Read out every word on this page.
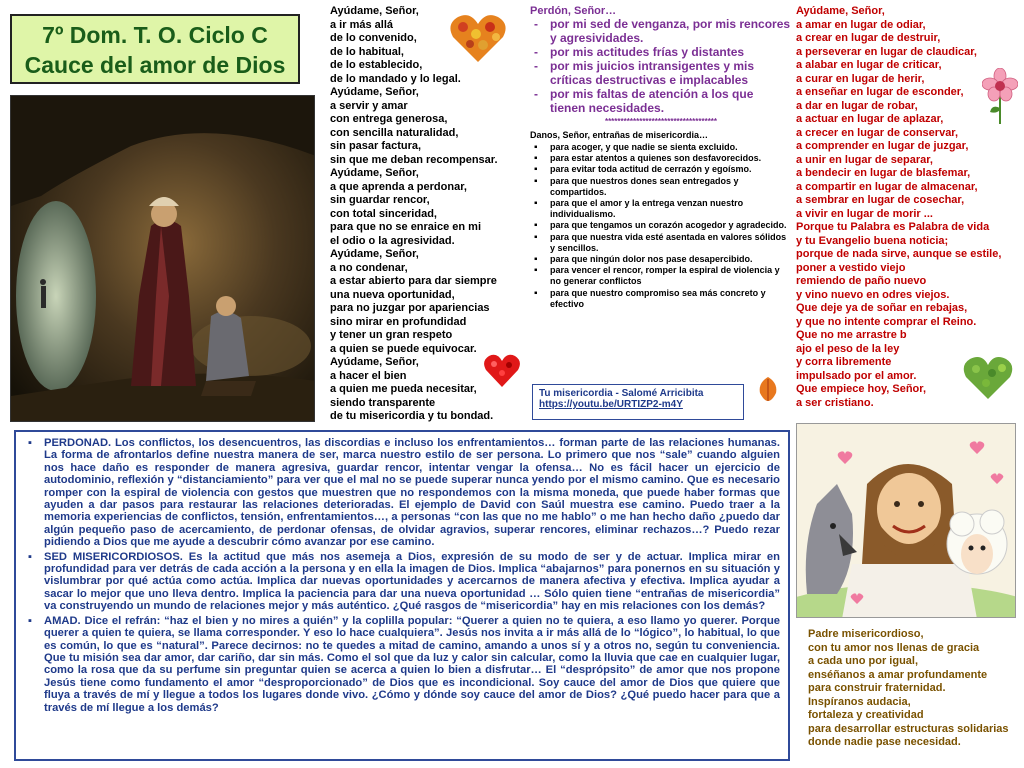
7º Dom. T. O. Ciclo C
Cauce del amor de Dios
Ayúdame, Señor,
a ir más allá
de lo convenido,
de lo habitual,
de lo establecido,
de lo mandado y lo legal.
Ayúdame, Señor,
a servir y amar
con entrega generosa,
con sencilla naturalidad,
sin pasar factura,
sin que me deban recompensar.
Ayúdame, Señor,
a que aprenda a perdonar,
sin guardar rencor,
con total sinceridad,
para que no se enraice en mi
el odio o la agresividad.
Ayúdame, Señor,
a no condenar,
a estar abierto para dar siempre
una nueva oportunidad,
para no juzgar por apariencias
sino mirar en profundidad
y tener un gran respeto
a quien se puede equivocar.
Ayúdame, Señor,
a hacer el bien
a quien me pueda necesitar,
siendo transparente
de tu misericordia y tu bondad.
Perdón, Señor…
- por mi sed de venganza, por mis rencores y agresividades.
- por mis actitudes frías y distantes
- por mis juicios intransigentes y mis críticas destructivas e implacables
- por mis faltas de atención a los que tienen necesidades.
************************************
Danos, Señor, entrañas de misericordia…
▪ para acoger, y que nadie se sienta excluido.
▪ para estar atentos a quienes son desfavorecidos.
▪ para evitar toda actitud de cerrazón y egoísmo.
▪ para que nuestros dones sean entregados y compartidos.
▪ para que el amor y la entrega venzan nuestro individualismo.
▪ para que tengamos un corazón acogedor y agradecido.
▪ para que nuestra vida esté asentada en valores sólidos y sencillos.
▪ para que ningún dolor nos pase desapercibido.
▪ para vencer el rencor, romper la espiral de violencia y no generar conflictos
▪ para que nuestro compromiso sea más concreto y efectivo
Tu misericordia - Salomé Arricibita
https://youtu.be/URTIZP2-m4Y
Ayúdame, Señor,
a amar en lugar de odiar,
a crear en lugar de destruir,
a perseverar en lugar de claudicar,
a alabar en lugar de criticar,
a curar en lugar de herir,
a enseñar en lugar de esconder,
a dar en lugar de robar,
a actuar en lugar de aplazar,
a crecer en lugar de conservar,
a comprender en lugar de juzgar,
a unir en lugar de separar,
a bendecir en lugar de blasfemar,
a compartir en lugar de almacenar,
a sembrar en lugar de cosechar,
a vivir en lugar de morir ...
Porque tu Palabra es Palabra de vida
y tu Evangelio buena noticia;
porque de nada sirve, aunque se estile,
poner a vestido viejo
remiendo de paño nuevo
y vino nuevo en odres viejos.
Que deje ya de soñar en rebajas,
y que no intente comprar el Reino.
Que no me arrastre b
ajo el peso de la ley
y corra libremente
impulsado por el amor.
Que empiece hoy, Señor,
a ser cristiano.
▪ PERDONAD. Los conflictos, los desencuentros, las discordias e incluso los enfrentamientos… forman parte de las relaciones humanas. La forma de afrontarlos define nuestra manera de ser, marca nuestro estilo de ser persona. Lo primero que nos “sale” cuando alguien nos hace daño es responder de manera agresiva, guardar rencor, intentar vengar la ofensa… No es fácil hacer un ejercicio de autodominio, reflexión y “distanciamiento” para ver que el mal no se puede superar nunca yendo por el mismo camino. Que es necesario romper con la espiral de violencia con gestos que muestren que no respondemos con la misma moneda, que puede haber formas que ayuden a dar pasos para restaurar las relaciones deterioradas. El ejemplo de David con Saúl muestra ese camino. Puedo traer a la memoria experiencias de conflictos, tensión, enfrentamientos…, a personas “con las que no me hablo” o me han hecho daño ¿puedo dar algún pequeño paso de acercamiento, de perdonar ofensas, de olvidar agravios, superar rencores, eliminar rechazos…? Puedo rezar pidiendo a Dios que me ayude a descubrir cómo avanzar por ese camino.
▪ SED MISERICORDIOSOS. Es la actitud que más nos asemeja a Dios, expresión de su modo de ser y de actuar. Implica mirar en profundidad para ver detrás de cada acción a la persona y en ella la imagen de Dios. Implica “abajarnos” para ponernos en su situación y vislumbrar por qué actúa como actúa. Implica dar nuevas oportunidades y acercarnos de manera afectiva y efectiva. Implica ayudar a sacar lo mejor que uno lleva dentro. Implica la paciencia para dar una nueva oportunidad … Sólo quien tiene “entrañas de misericordia” va construyendo un mundo de relaciones mejor y más auténtico. ¿Qué rasgos de “misericordia” hay en mis relaciones con los demás?
▪ AMAD. Dice el refrán: “haz el bien y no mires a quién” y la coplilla popular: “Querer a quien no te quiera, a eso llamo yo querer. Porque querer a quien te quiera, se llama corresponder. Y eso lo hace cualquiera”. Jesús nos invita a ir más allá de lo “lógico”, lo habitual, lo que es común, lo que es “natural”. Parece decirnos: no te quedes a mitad de camino, amando a unos sí y a otros no, según tu conveniencia. Que tu misión sea dar amor, dar cariño, dar sin más. Como el sol que da luz y calor sin calcular, como la lluvia que cae en cualquier lugar, como la rosa que da su perfume sin preguntar quien se acerca a quien lo bien a disfrutar… El “desprópsito” de amor que nos propone Jesús tiene como fundamento el amor “desproporcionado” de Dios que es incondicional. Soy cauce del amor de Dios que quiere que fluya a través de mí y llegue a todos los lugares donde vivo. ¿Cómo y dónde soy cauce del amor de Dios? ¿Qué puedo hacer para que a través de mí llegue a los demás?
Padre misericordioso,
con tu amor nos llenas de gracia
a cada uno por igual,
enséñanos a amar profundamente
para construir fraternidad.
Inspíranos audacia,
fortaleza y creatividad
para desarrollar estructuras solidarias
donde nadie pase necesidad.
